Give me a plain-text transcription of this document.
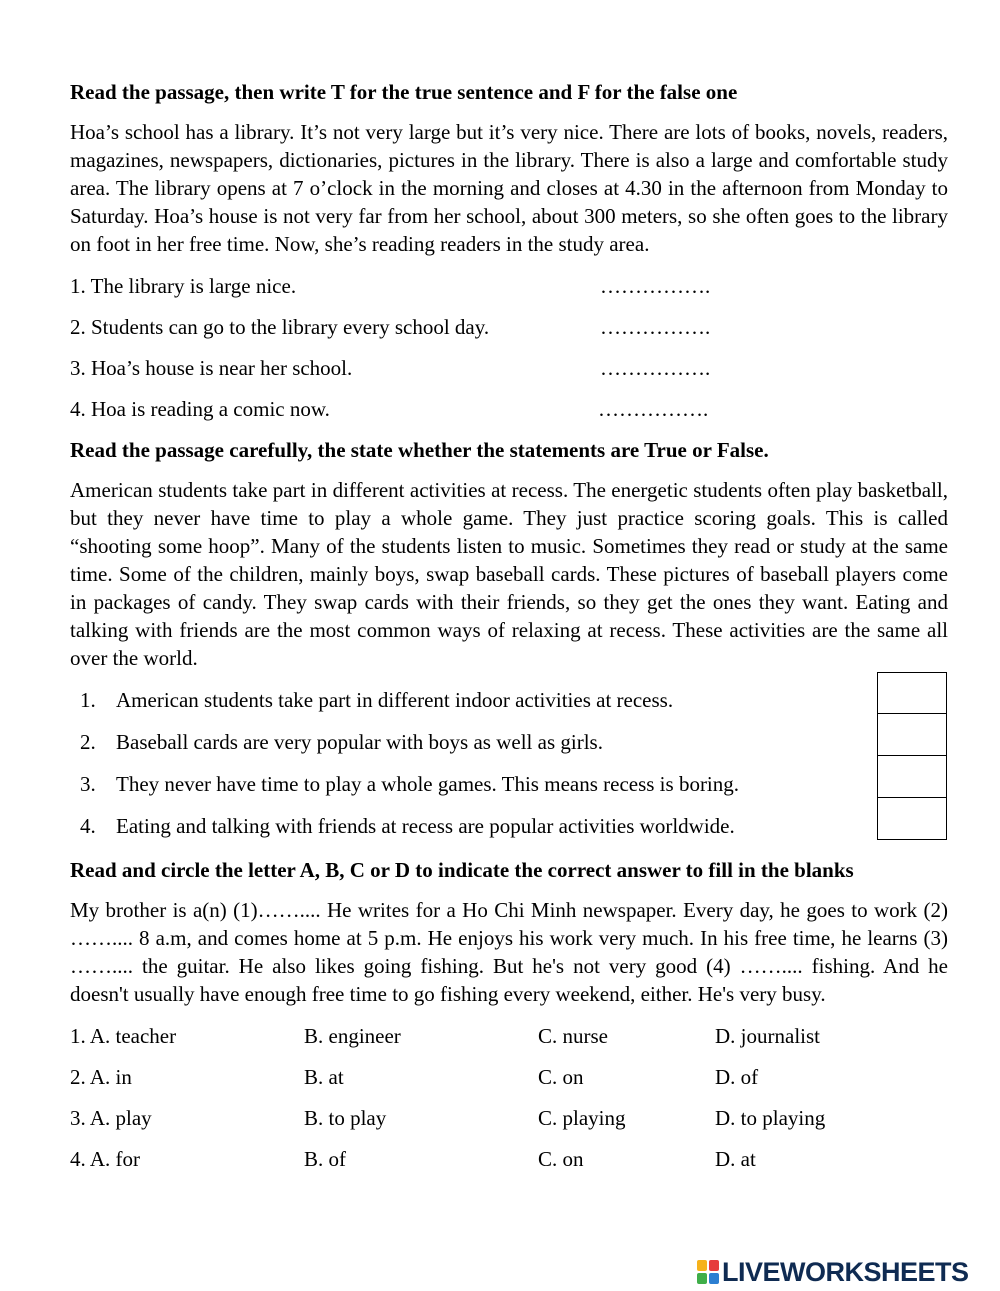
Read the passage, then write T for the true sentence and F for the false one
Hoa’s school has a library. It’s not very large but it’s very nice. There are lots of books, novels, readers, magazines, newspapers, dictionaries, pictures in the library. There is also a large and comfortable study area. The library opens at 7 o’clock in the morning and closes at 4.30 in the afternoon from Monday to Saturday. Hoa’s house is not very far from her school, about 300 meters, so she often goes to the library on foot in her free time. Now, she’s reading readers in the study area.
1. The library is large nice.	…………….
2. Students can go to the library every school day.	…………….
3. Hoa’s house is near her school.	…………….
4. Hoa is reading a comic now.	…………….
Read the passage carefully, the state whether the statements are True or False.
American students take part in different activities at recess. The energetic students often play basketball, but they never have time to play a whole game. They just practice scoring goals. This is called “shooting some hoop”. Many of the students listen to music. Sometimes they read or study at the same time. Some of the children, mainly boys, swap baseball cards. These pictures of baseball players come in packages of candy. They swap cards with their friends, so they get the ones they want. Eating and talking with friends are the most common ways of relaxing at recess. These activities are the same all over the world.
1. American students take part in different indoor activities at recess.
2. Baseball cards are very popular with boys as well as girls.
3. They never have time to play a whole games. This means recess is boring.
4. Eating and talking with friends at recess are popular activities worldwide.
Read and circle the letter A, B, C or D to indicate the correct answer to fill in the blanks
My brother is a(n) (1)…….... He writes for a Ho Chi Minh newspaper. Every day, he goes to work (2) …….... 8 a.m, and comes home at 5 p.m. He enjoys his work very much. In his free time, he learns (3) …….... the guitar. He also likes going fishing. But he's not very good (4) …….... fishing. And he doesn't usually have enough free time to go fishing every weekend, either. He's very busy.
1. A. teacher	B. engineer	C. nurse	D. journalist
2. A. in	B. at	C. on	D. of
3. A. play	B. to play	C. playing	D. to playing
4. A. for	B. of	C. on	D. at
LIVEWORKSHEETS
